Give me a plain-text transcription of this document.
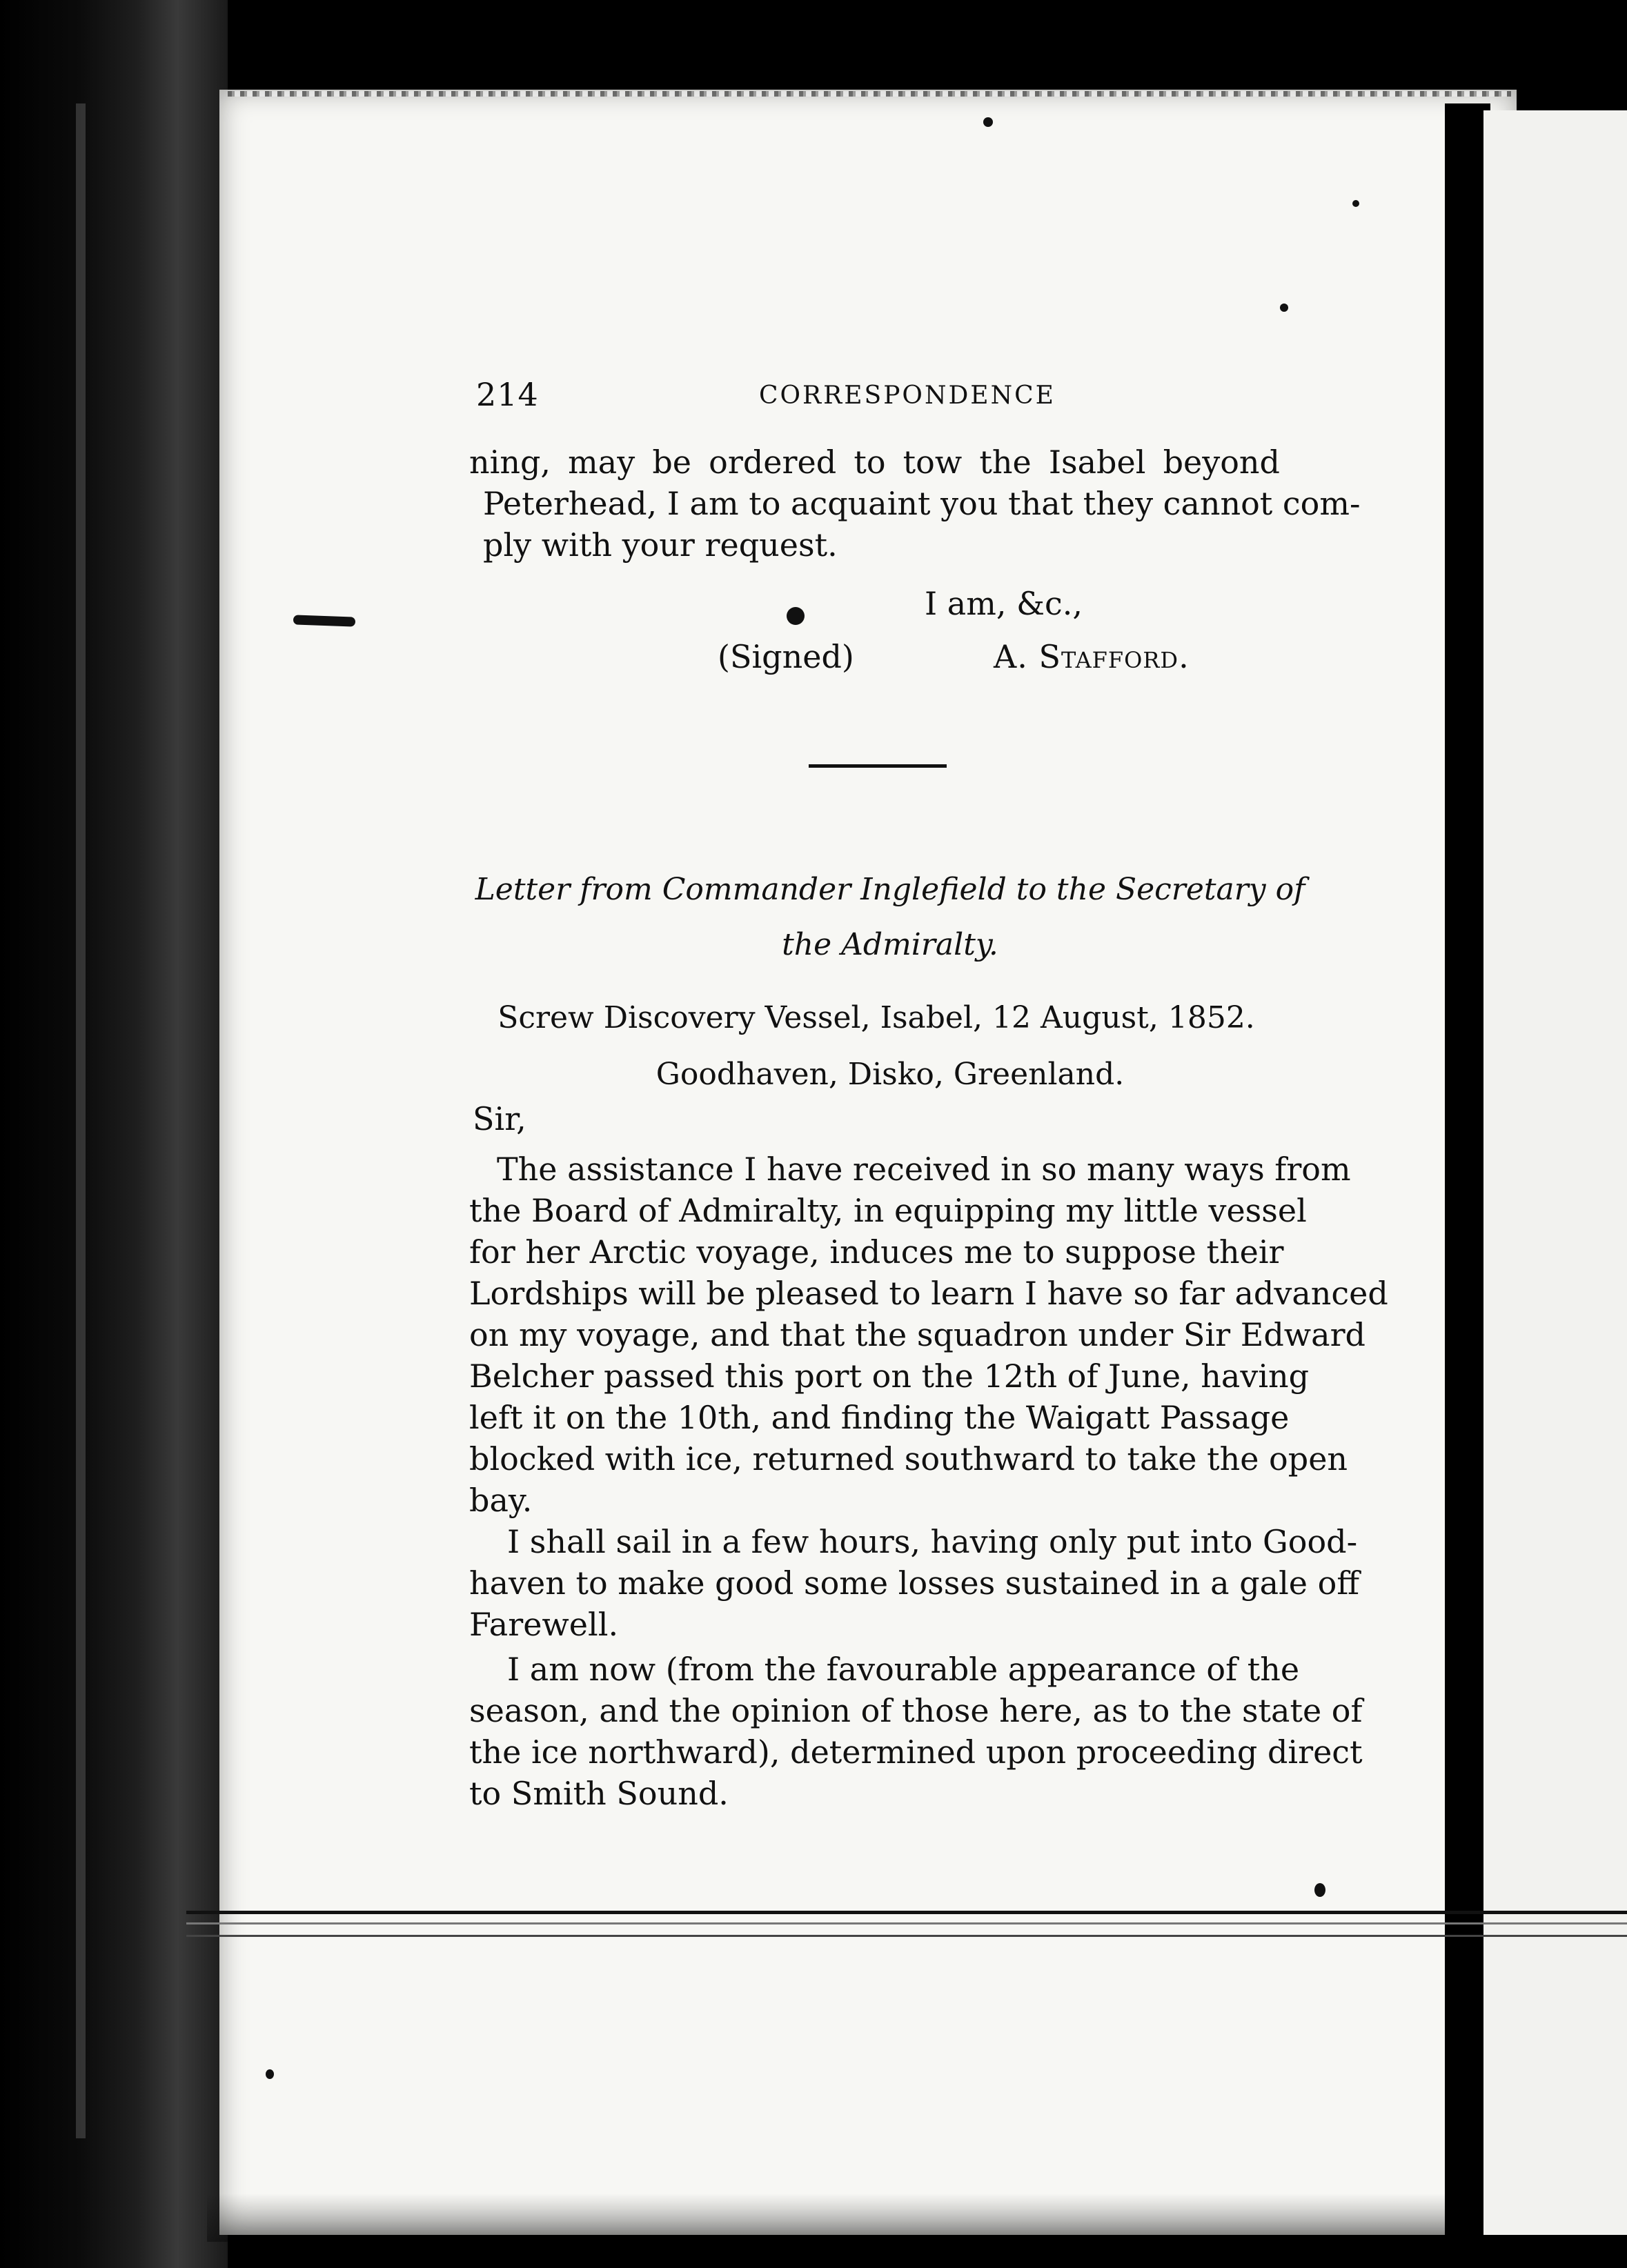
214	CORRESPONDENCE
ning, may be ordered to tow the Isabel beyond
Peterhead, I am to acquaint you that they cannot com-
ply with your request.
I am, &c.,
(Signed)	A. Stafford.
Letter from Commander Inglefield to the Secretary of
the Admiralty.
Screw Discovery Vessel, Isabel, 12 August, 1852.
Goodhaven, Disko, Greenland.
Sir,
The assistance I have received in so many ways from
the Board of Admiralty, in equipping my little vessel
for her Arctic voyage, induces me to suppose their
Lordships will be pleased to learn I have so far advanced
on my voyage, and that the squadron under Sir Edward
Belcher passed this port on the 12th of June, having
left it on the 10th, and finding the Waigatt Passage
blocked with ice, returned southward to take the open
bay.
I shall sail in a few hours, having only put into Good-
haven to make good some losses sustained in a gale off
Farewell.
I am now (from the favourable appearance of the
season, and the opinion of those here, as to the state of
the ice northward), determined upon proceeding direct
to Smith Sound.
